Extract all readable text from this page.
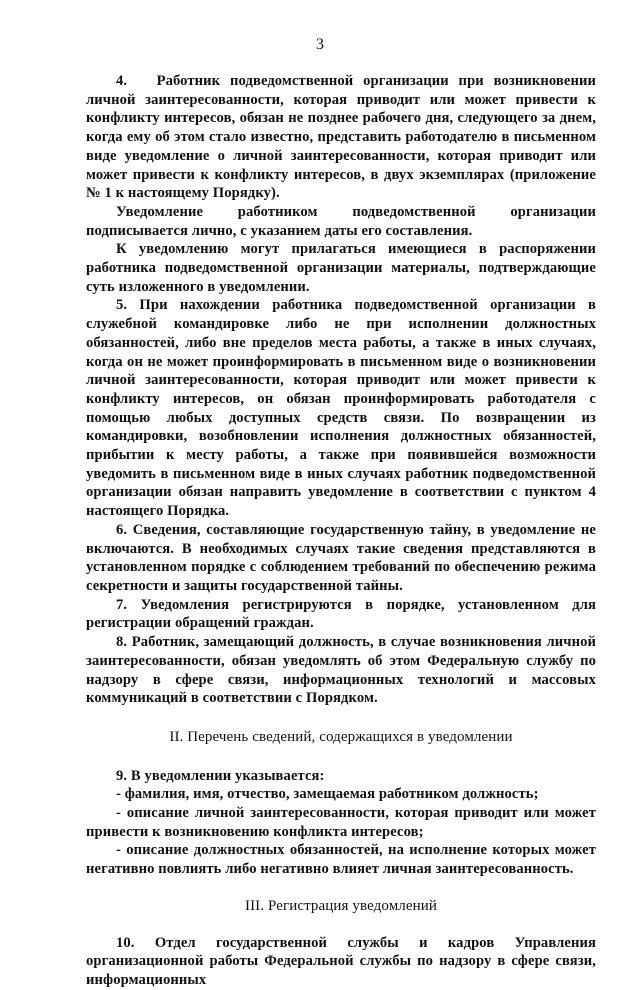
3

4.   Работник подведомственной организации при возникновении личной заинтересованности, которая приводит или может привести к конфликту интересов, обязан не позднее рабочего дня, следующего за днем, когда ему об этом стало известно, представить работодателю в письменном виде уведомление о личной заинтересованности, которая приводит или может привести к конфликту интересов, в двух экземплярах (приложение № 1 к настоящему Порядку).

Уведомление работником подведомственной организации подписывается лично, с указанием даты его составления.

К уведомлению могут прилагаться имеющиеся в распоряжении работника подведомственной организации материалы, подтверждающие суть изложенного в уведомлении.

5. При нахождении работника подведомственной организации в служебной командировке либо не при исполнении должностных обязанностей, либо вне пределов места работы, а также в иных случаях, когда он не может проинформировать в письменном виде о возникновении личной заинтересованности, которая приводит или может привести к конфликту интересов, он обязан проинформировать работодателя с помощью любых доступных средств связи. По возвращении из командировки, возобновлении исполнения должностных обязанностей, прибытии к месту работы, а также при появившейся возможности уведомить в письменном виде в иных случаях работник подведомственной организации обязан направить уведомление в соответствии с пунктом 4 настоящего Порядка.

6. Сведения, составляющие государственную тайну, в уведомление не включаются. В необходимых случаях такие сведения представляются в установленном порядке с соблюдением требований по обеспечению режима секретности и защиты государственной тайны.

7. Уведомления регистрируются в порядке, установленном для регистрации обращений граждан.

8. Работник, замещающий должность, в случае возникновения личной заинтересованности, обязан уведомлять об этом Федеральную службу по надзору в сфере связи, информационных технологий и массовых коммуникаций в соответствии с Порядком.

II. Перечень сведений, содержащихся в уведомлении

9. В уведомлении указывается:

- фамилия, имя, отчество, замещаемая работником должность;

- описание личной заинтересованности, которая приводит или может привести к возникновению конфликта интересов;

- описание должностных обязанностей, на исполнение которых может негативно повлиять либо негативно влияет личная заинтересованность.

III. Регистрация уведомлений

10. Отдел государственной службы и кадров Управления организационной работы Федеральной службы по надзору в сфере связи, информационных
